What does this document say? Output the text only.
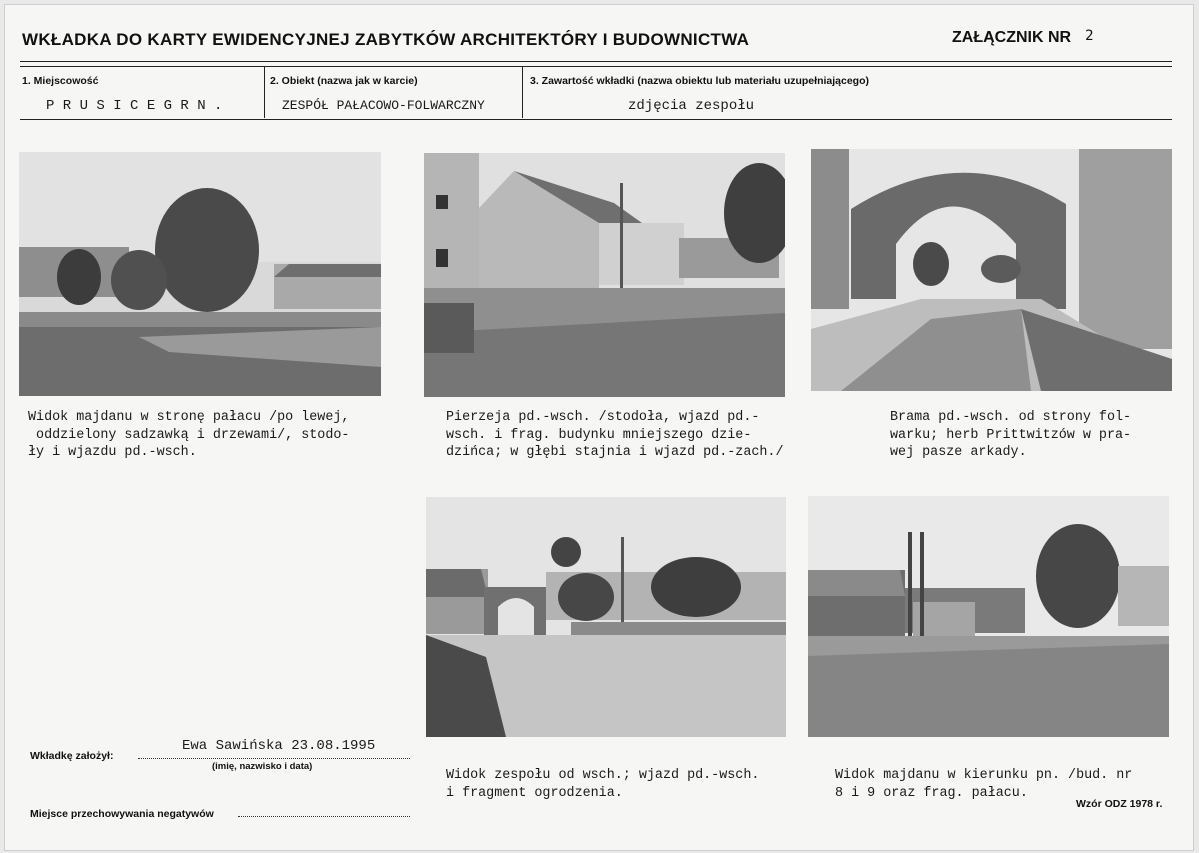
WKŁADKA DO KARTY EWIDENCYJNEJ ZABYTKÓW ARCHITEKTÓRY I BUDOWNICTWA	ZAŁĄCZNIK NR 2
1. Miejscowość
P R U S I C E G R N .
2. Obiekt (nazwa jak w karcie)
ZESPÓŁ PAŁACOWO-FOLWARCZNY
3. Zawartość wkładki (nazwa obiektu lub materiału uzupełniającego)
zdjęcia zespołu
Widok majdanu w stronę pałacu /po lewej,
oddzielony sadzawką i drzewami/, stodo-
ły i wjazdu pd.-wsch.
Pierzeja pd.-wsch. /stodoła, wjazd pd.-
wsch. i frag. budynku mniejszego dzie-
dzińca; w głębi stajnia i wjazd pd.-zach./
Brama pd.-wsch. od strony fol-
warku; herb Prittwitzów w pra-
wej pasze arkady.
Widok zespołu od wsch.; wjazd pd.-wsch.
i fragment ogrodzenia.
Widok majdanu w kierunku pn. /bud. nr
8 i 9 oraz frag. pałacu.
Wkładkę założył:
Ewa Sawińska 23.08.1995
(imię, nazwisko i data)
Miejsce przechowywania negatywów
Wzór ODZ 1978 r.
